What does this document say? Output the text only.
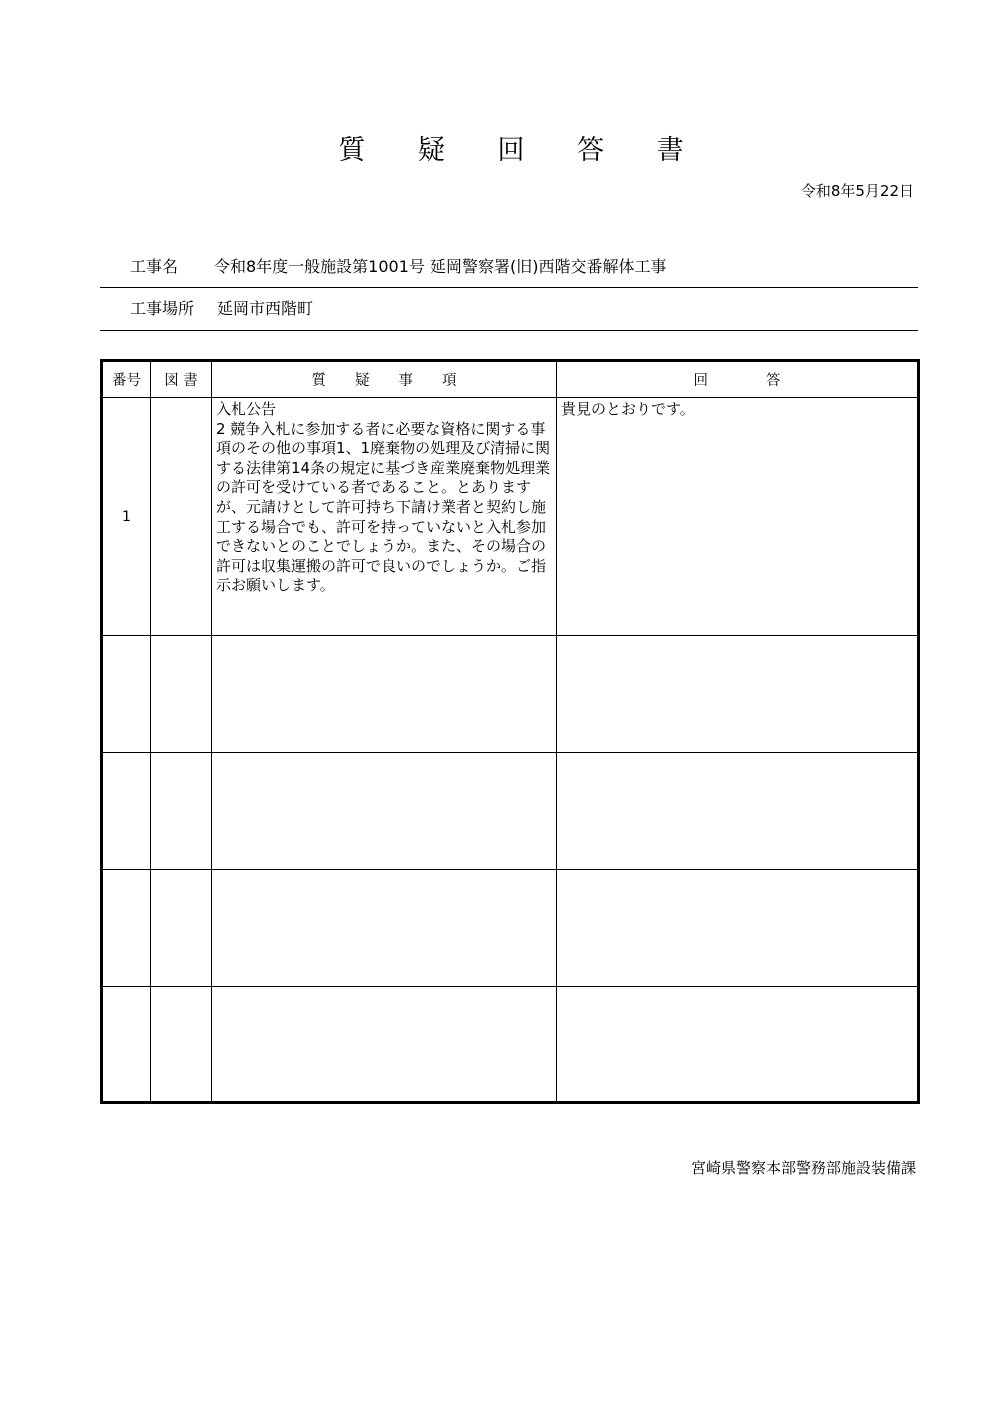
質 疑 回 答 書
令和8年5月22日
工事名 令和8年度一般施設第1001号 延岡警察署(旧)西階交番解体工事
工事場所 延岡市西階町
番号	図 書	質　　疑　　事　　項	回　　　　答
1		入札公告
2 競争入札に参加する者に必要な資格に関する事項のその他の事項1、1廃棄物の処理及び清掃に関する法律第14条の規定に基づき産業廃棄物処理業の許可を受けている者であること。とありますが、元請けとして許可持ち下請け業者と契約し施工する場合でも、許可を持っていないと入札参加できないとのことでしょうか。また、その場合の許可は収集運搬の許可で良いのでしょうか。ご指示お願いします。	貴見のとおりです。

宮崎県警察本部警務部施設装備課
